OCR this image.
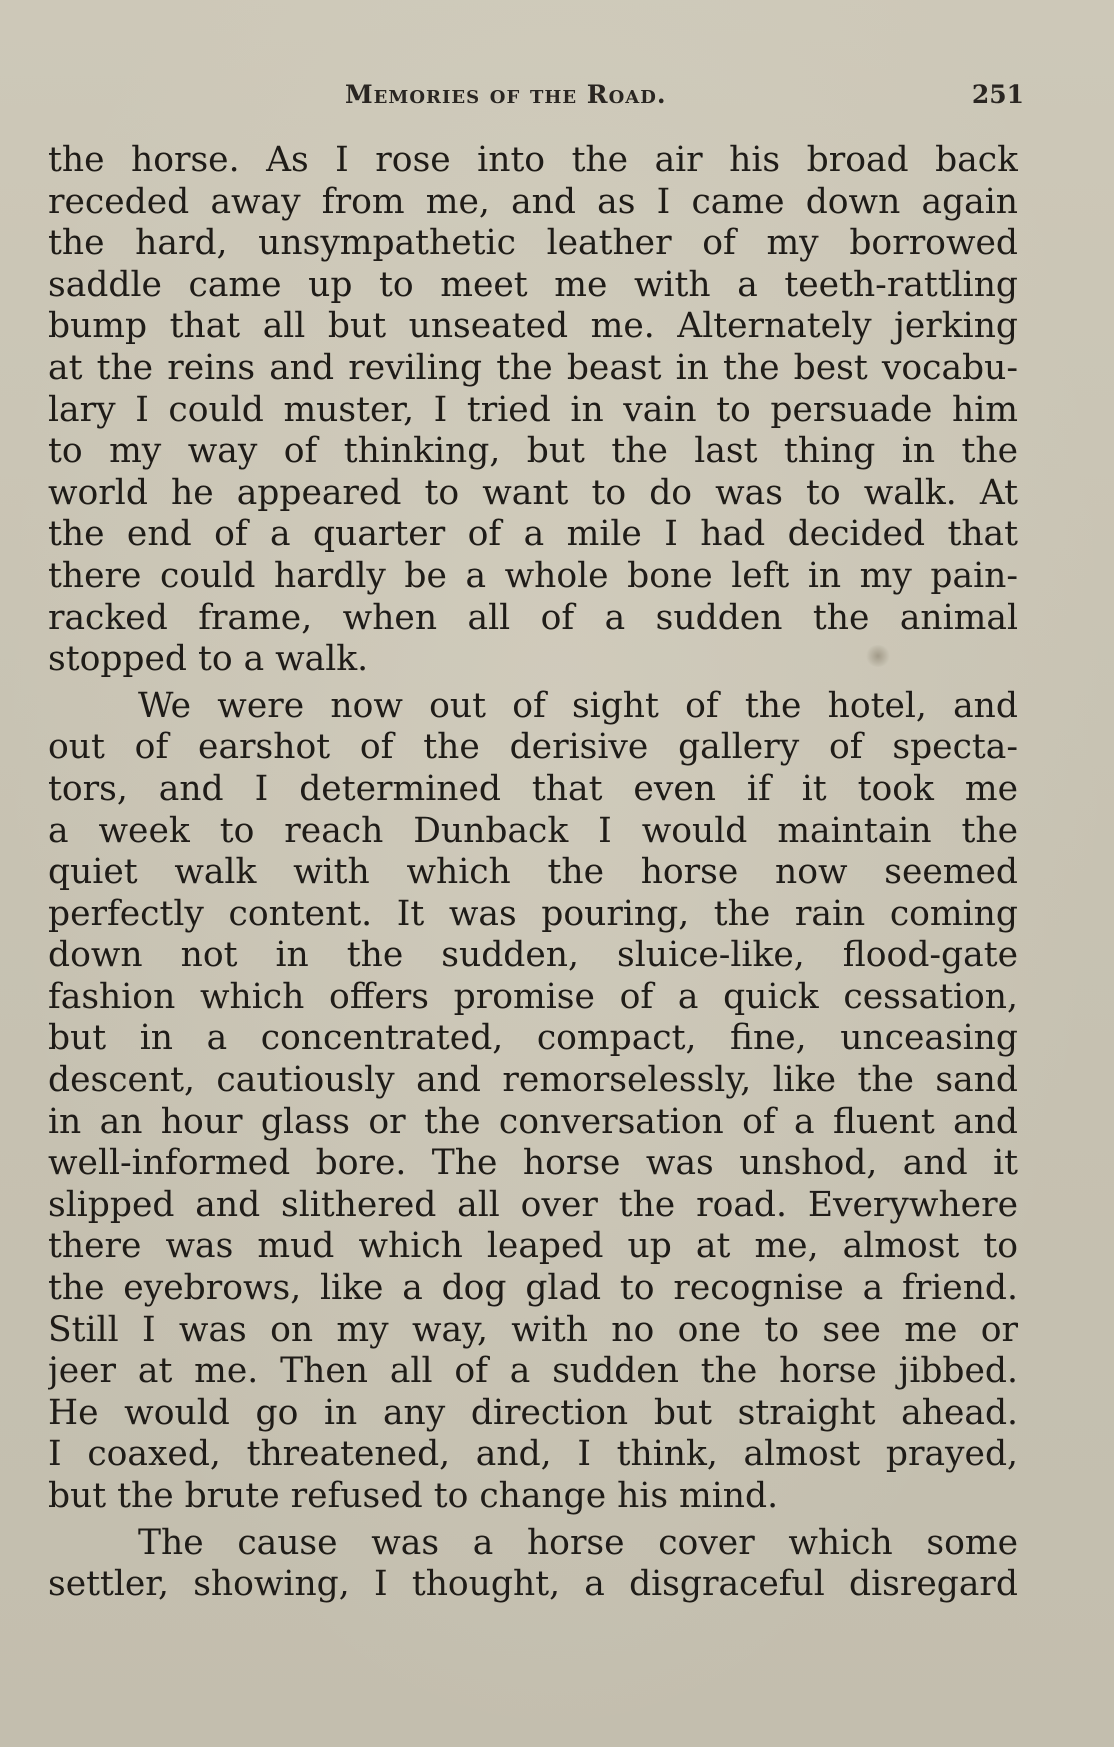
Memories of the Road.	251
the horse. As I rose into the air his broad back
receded away from me, and as I came down again
the hard, unsympathetic leather of my borrowed
saddle came up to meet me with a teeth-rattling
bump that all but unseated me. Alternately jerking
at the reins and reviling the beast in the best vocabu-
lary I could muster, I tried in vain to persuade him
to my way of thinking, but the last thing in the
world he appeared to want to do was to walk. At
the end of a quarter of a mile I had decided that
there could hardly be a whole bone left in my pain-
racked frame, when all of a sudden the animal
stopped to a walk.
We were now out of sight of the hotel, and
out of earshot of the derisive gallery of specta-
tors, and I determined that even if it took me
a week to reach Dunback I would maintain the
quiet walk with which the horse now seemed
perfectly content. It was pouring, the rain coming
down not in the sudden, sluice-like, flood-gate
fashion which offers promise of a quick cessation,
but in a concentrated, compact, fine, unceasing
descent, cautiously and remorselessly, like the sand
in an hour glass or the conversation of a fluent and
well-informed bore. The horse was unshod, and it
slipped and slithered all over the road. Everywhere
there was mud which leaped up at me, almost to
the eyebrows, like a dog glad to recognise a friend.
Still I was on my way, with no one to see me or
jeer at me. Then all of a sudden the horse jibbed.
He would go in any direction but straight ahead.
I coaxed, threatened, and, I think, almost prayed,
but the brute refused to change his mind.
The cause was a horse cover which some
settler, showing, I thought, a disgraceful disregard
